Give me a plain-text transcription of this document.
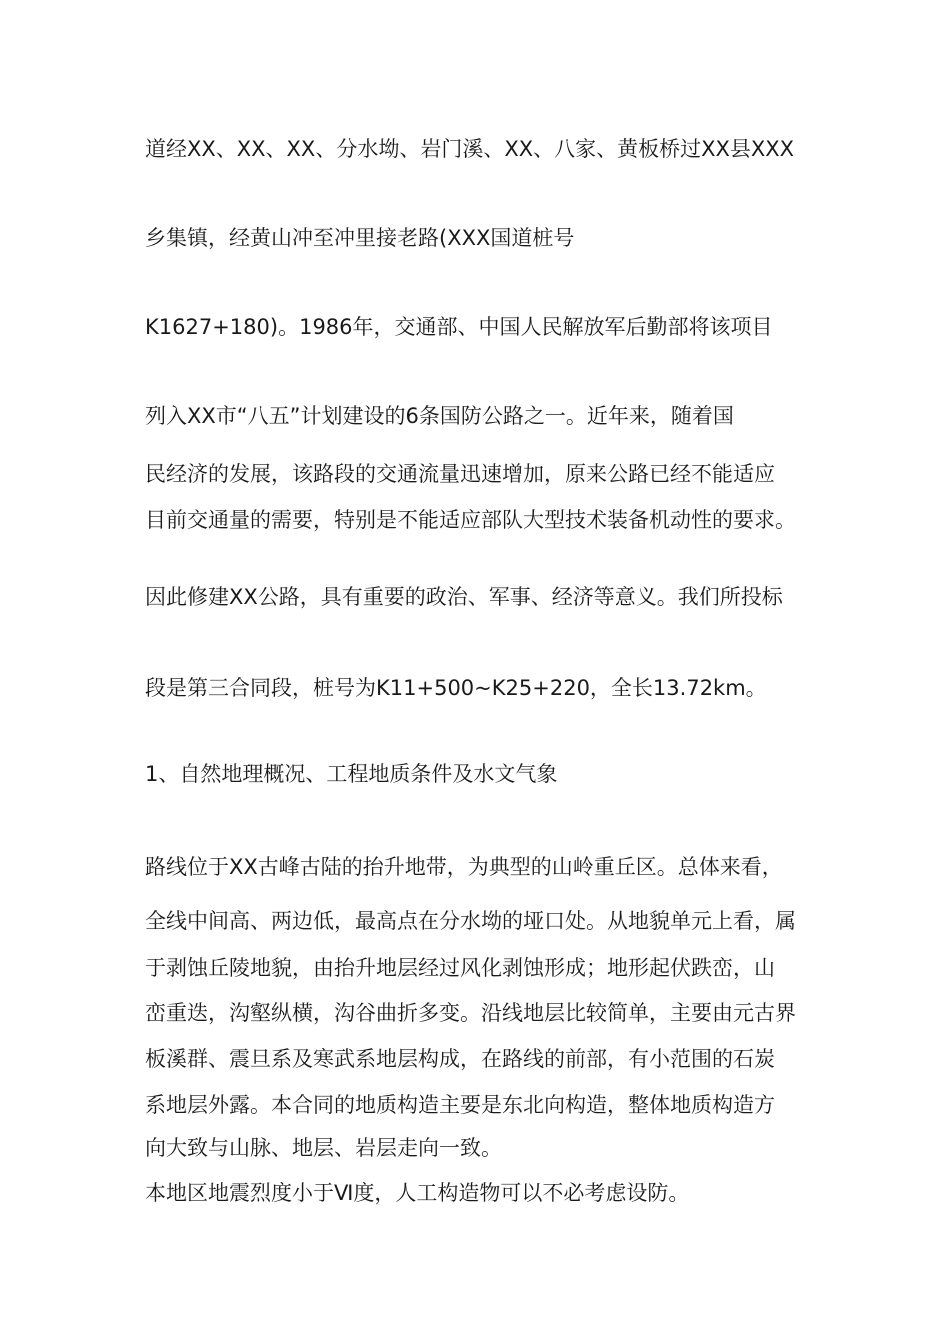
道经XX、XX、XX、分水坳、岩门溪、XX、八家、黄板桥过XX县XXX
乡集镇，经黄山冲至冲里接老路(XXX国道桩号
K1627+180)。1986年，交通部、中国人民解放军后勤部将该项目
列入XX市“八五”计划建设的6条国防公路之一。近年来，随着国
民经济的发展，该路段的交通流量迅速增加，原来公路已经不能适应
目前交通量的需要，特别是不能适应部队大型技术装备机动性的要求。
因此修建XX公路，具有重要的政治、军事、经济等意义。我们所投标
段是第三合同段，桩号为K11+500~K25+220，全长13.72km。
1、自然地理概况、工程地质条件及水文气象
路线位于XX古峰古陆的抬升地带，为典型的山岭重丘区。总体来看，
全线中间高、两边低，最高点在分水坳的垭口处。从地貌单元上看，属
于剥蚀丘陵地貌，由抬升地层经过风化剥蚀形成；地形起伏跌峦，山
峦重迭，沟壑纵横，沟谷曲折多变。沿线地层比较简单，主要由元古界
板溪群、震旦系及寒武系地层构成，在路线的前部，有小范围的石炭
系地层外露。本合同的地质构造主要是东北向构造，整体地质构造方
向大致与山脉、地层、岩层走向一致。
本地区地震烈度小于Ⅵ度，人工构造物可以不必考虑设防。
